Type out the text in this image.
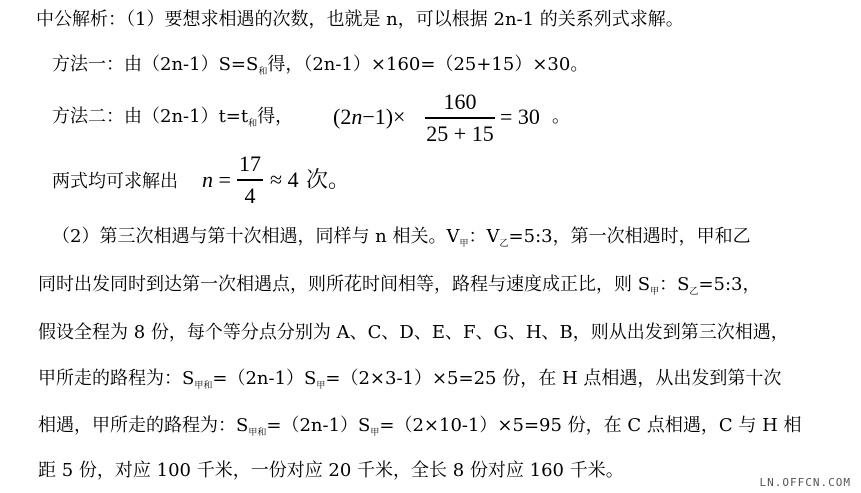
中公解析：（1）要想求相遇的次数，也就是 n，可以根据 2n-1 的关系列式求解。
方法一：由$(2n-1)S=S_和$得，（2n-1）×160=（25+15）×30。
方法二：由$(2n-1)t=t_和$得， (2n−1)×
160
25 + 15
= 30 。
两式均可求解出 n =
17
4
≈ 4 次。
（2）第三次相遇与第十次相遇，同样与 n 相关。$V_甲$：$V_乙=5:3$，第一次相遇时，甲和乙
同时出发同时到达第一次相遇点，则所花时间相等，路程与速度成正比，则 $S_甲$：$S_乙=5:3$，
假设全程为 8 份，每个等分点分别为 A、C、D、E、F、G、H、B，则从出发到第三次相遇，
甲所走的路程为：$S_{甲和}=(2n-1)S_甲=(2\times 3-1)\times 5=25$ 份，在 H 点相遇，从出发到第十次
相遇，甲所走的路程为：$S_{甲和}=(2n-1)S_甲=(2\times 10-1)\times 5=95$ 份，在 C 点相遇，C 与 H 相
距 5 份，对应 100 千米，一份对应 20 千米，全长 8 份对应 160 千米。
LN.OFFCN.COM
